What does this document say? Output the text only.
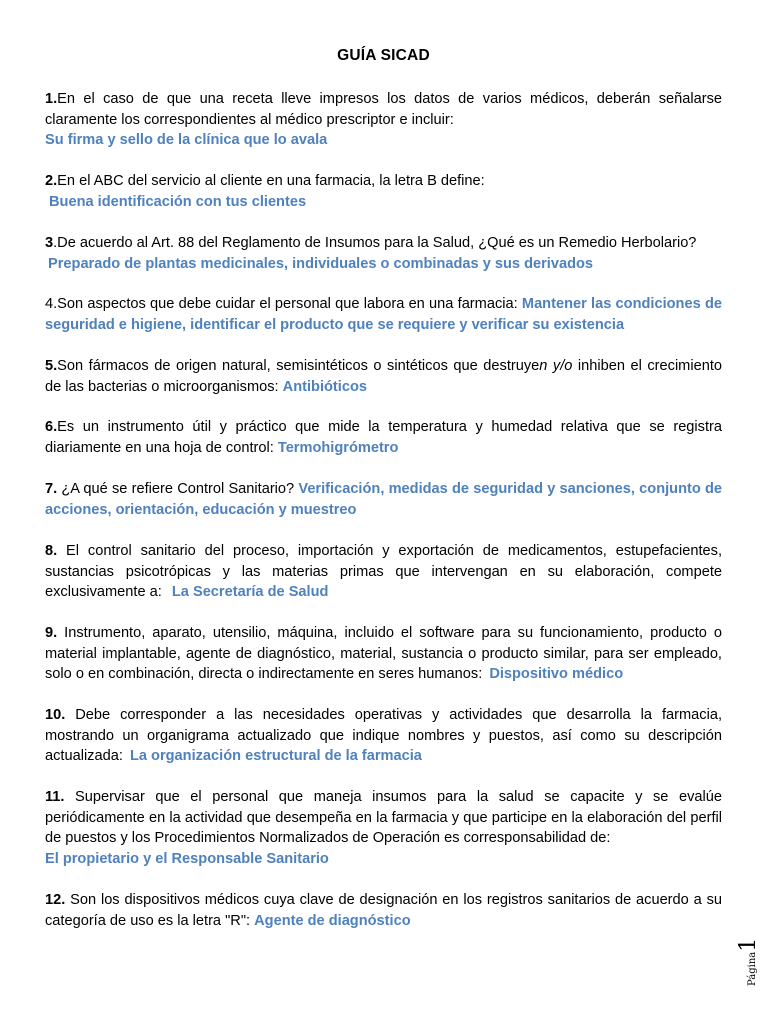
GUÍA SICAD
1.En el caso de que una receta lleve impresos los datos de varios médicos, deberán señalarse claramente los correspondientes al médico prescriptor e incluir:
Su firma y sello de la clínica que lo avala
2.En el ABC del servicio al cliente en una farmacia, la letra B define:
Buena identificación con tus clientes
3.De acuerdo al Art. 88 del Reglamento de Insumos para la Salud, ¿Qué es un Remedio Herbolario?
Preparado de plantas medicinales, individuales o combinadas y sus derivados
4.Son aspectos que debe cuidar el personal que labora en una farmacia: Mantener las condiciones de seguridad e higiene, identificar el producto que se requiere y verificar su existencia
5.Son fármacos de origen natural, semisintéticos o sintéticos que destruyen y/o inhiben el crecimiento de las bacterias o microorganismos: Antibióticos
6.Es un instrumento útil y práctico que mide la temperatura y humedad relativa que se registra diariamente en una hoja de control: Termohigrómetro
7. ¿A qué se refiere Control Sanitario? Verificación, medidas de seguridad y sanciones, conjunto de acciones, orientación, educación y muestreo
8. El control sanitario del proceso, importación y exportación de medicamentos, estupefacientes, sustancias psicotrópicas y las materias primas que intervengan en su elaboración, compete exclusivamente a: La Secretaría de Salud
9. Instrumento, aparato, utensilio, máquina, incluido el software para su funcionamiento, producto o material implantable, agente de diagnóstico, material, sustancia o producto similar, para ser empleado, solo o en combinación, directa o indirectamente en seres humanos: Dispositivo médico
10. Debe corresponder a las necesidades operativas y actividades que desarrolla la farmacia, mostrando un organigrama actualizado que indique nombres y puestos, así como su descripción actualizada: La organización estructural de la farmacia
11. Supervisar que el personal que maneja insumos para la salud se capacite y se evalúe periódicamente en la actividad que desempeña en la farmacia y que participe en la elaboración del perfil de puestos y los Procedimientos Normalizados de Operación es corresponsabilidad de:
El propietario y el Responsable Sanitario
12. Son los dispositivos médicos cuya clave de designación en los registros sanitarios de acuerdo a su categoría de uso es la letra "R": Agente de diagnóstico
Página1
